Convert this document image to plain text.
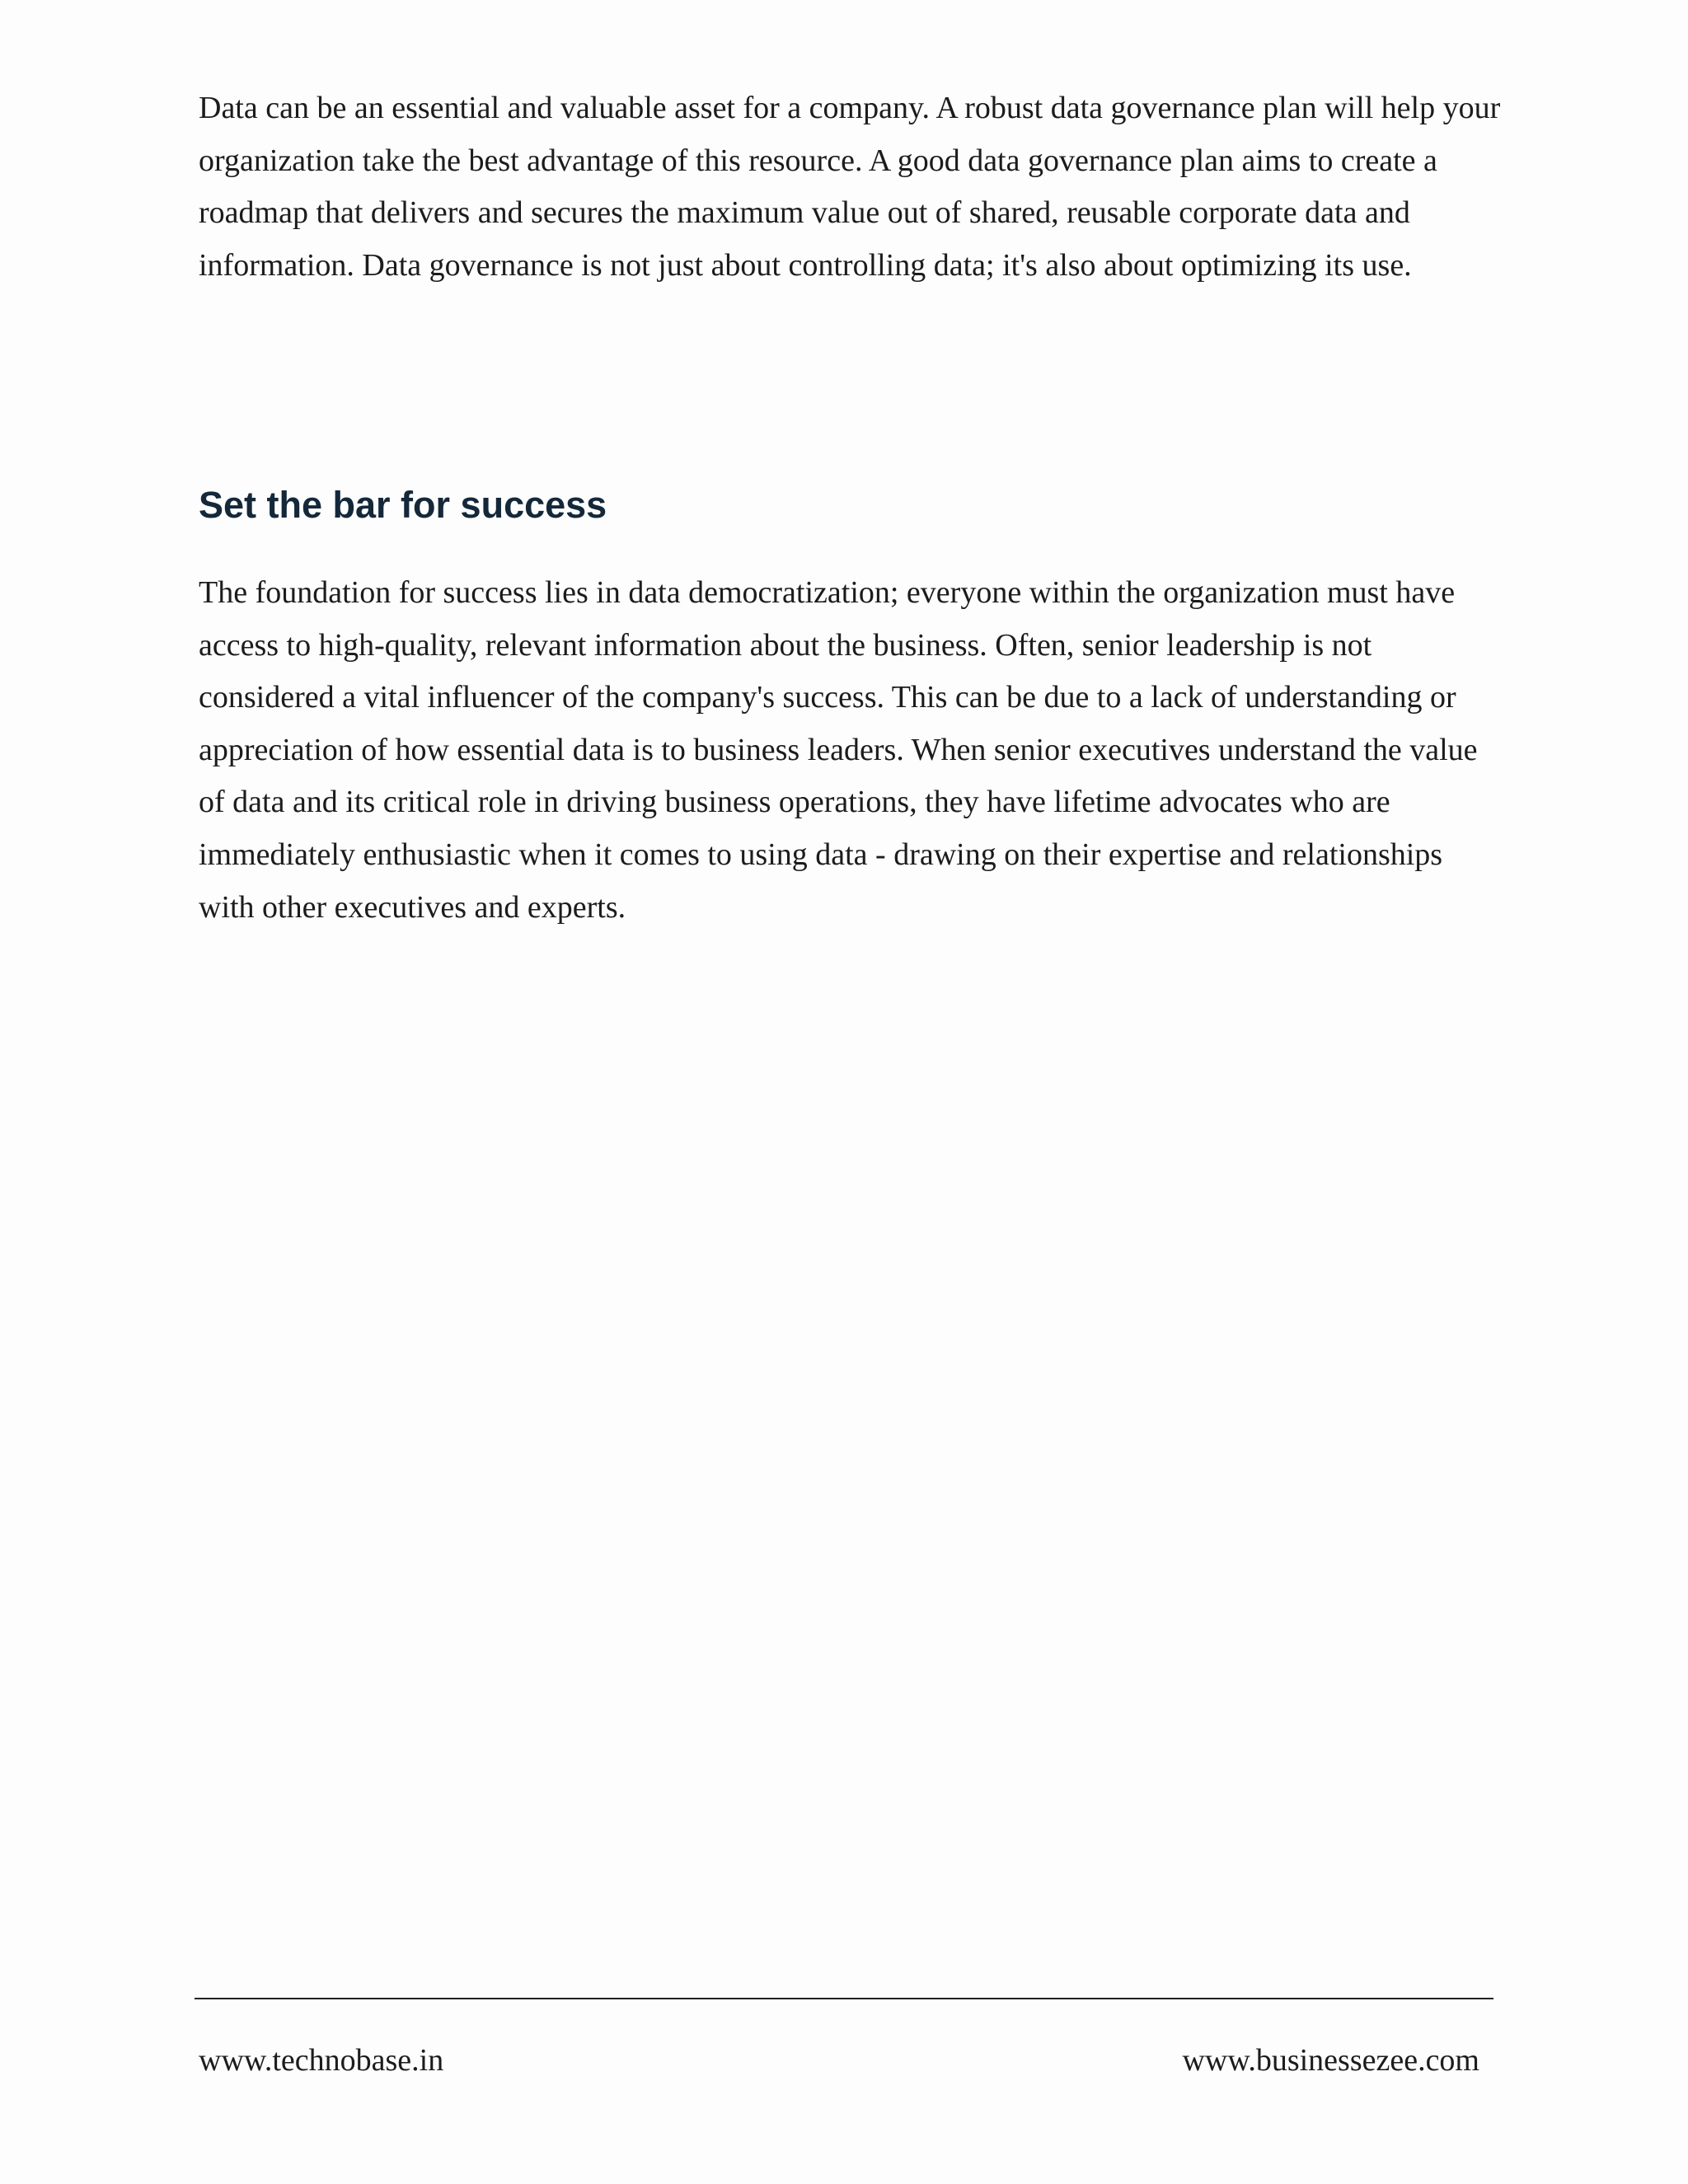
Data can be an essential and valuable asset for a company. A robust data governance plan will help your organization take the best advantage of this resource. A good data governance plan aims to create a roadmap that delivers and secures the maximum value out of shared, reusable corporate data and information. Data governance is not just about controlling data; it's also about optimizing its use.

Set the bar for success

The foundation for success lies in data democratization; everyone within the organization must have access to high-quality, relevant information about the business. Often, senior leadership is not considered a vital influencer of the company's success. This can be due to a lack of understanding or appreciation of how essential data is to business leaders. When senior executives understand the value of data and its critical role in driving business operations, they have lifetime advocates who are immediately enthusiastic when it comes to using data - drawing on their expertise and relationships with other executives and experts.

www.technobase.in	www.businessezee.com
